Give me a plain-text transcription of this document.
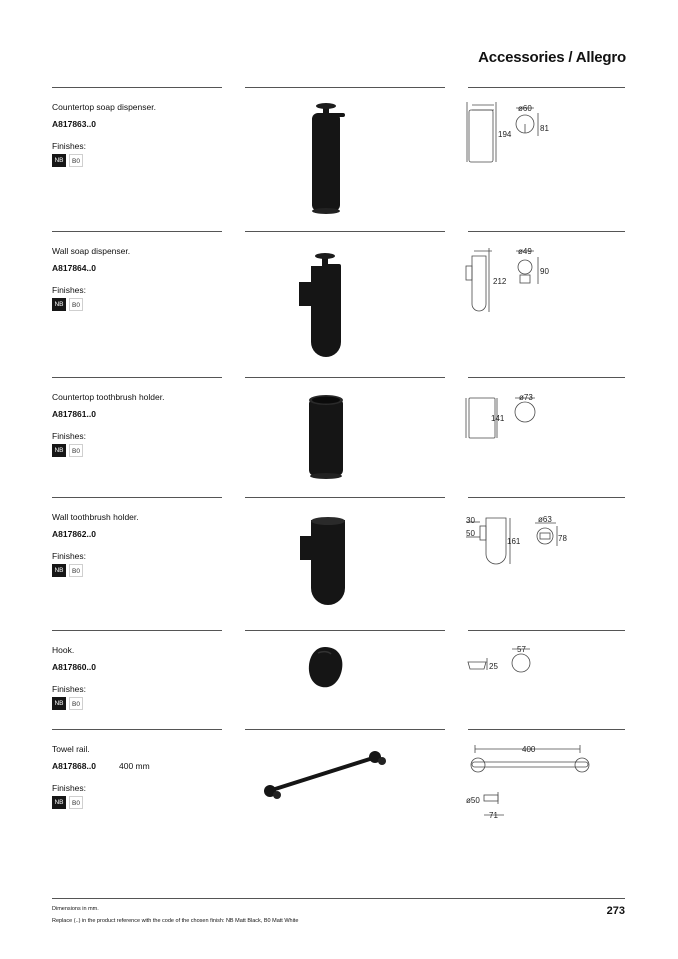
Accessories / Allegro
Countertop soap dispenser.
A817863..0
Finishes:
NB	B0
ø60
194
81
Wall soap dispenser.
A817864..0
Finishes:
NB	B0
ø49
212
90
Countertop toothbrush holder.
A817861..0
Finishes:
NB	B0
ø73
141
Wall toothbrush holder.
A817862..0
Finishes:
NB	B0
30
50
161
ø63
78
Hook.
A817860..0
Finishes:
NB	B0
25
57
Towel rail.
A817868..0	400 mm
Finishes:
NB	B0
400
ø50
71
Dimensions in mm.
Replace (..) in the product reference with the code of the chosen finish: NB Matt Black, B0 Matt White
273
